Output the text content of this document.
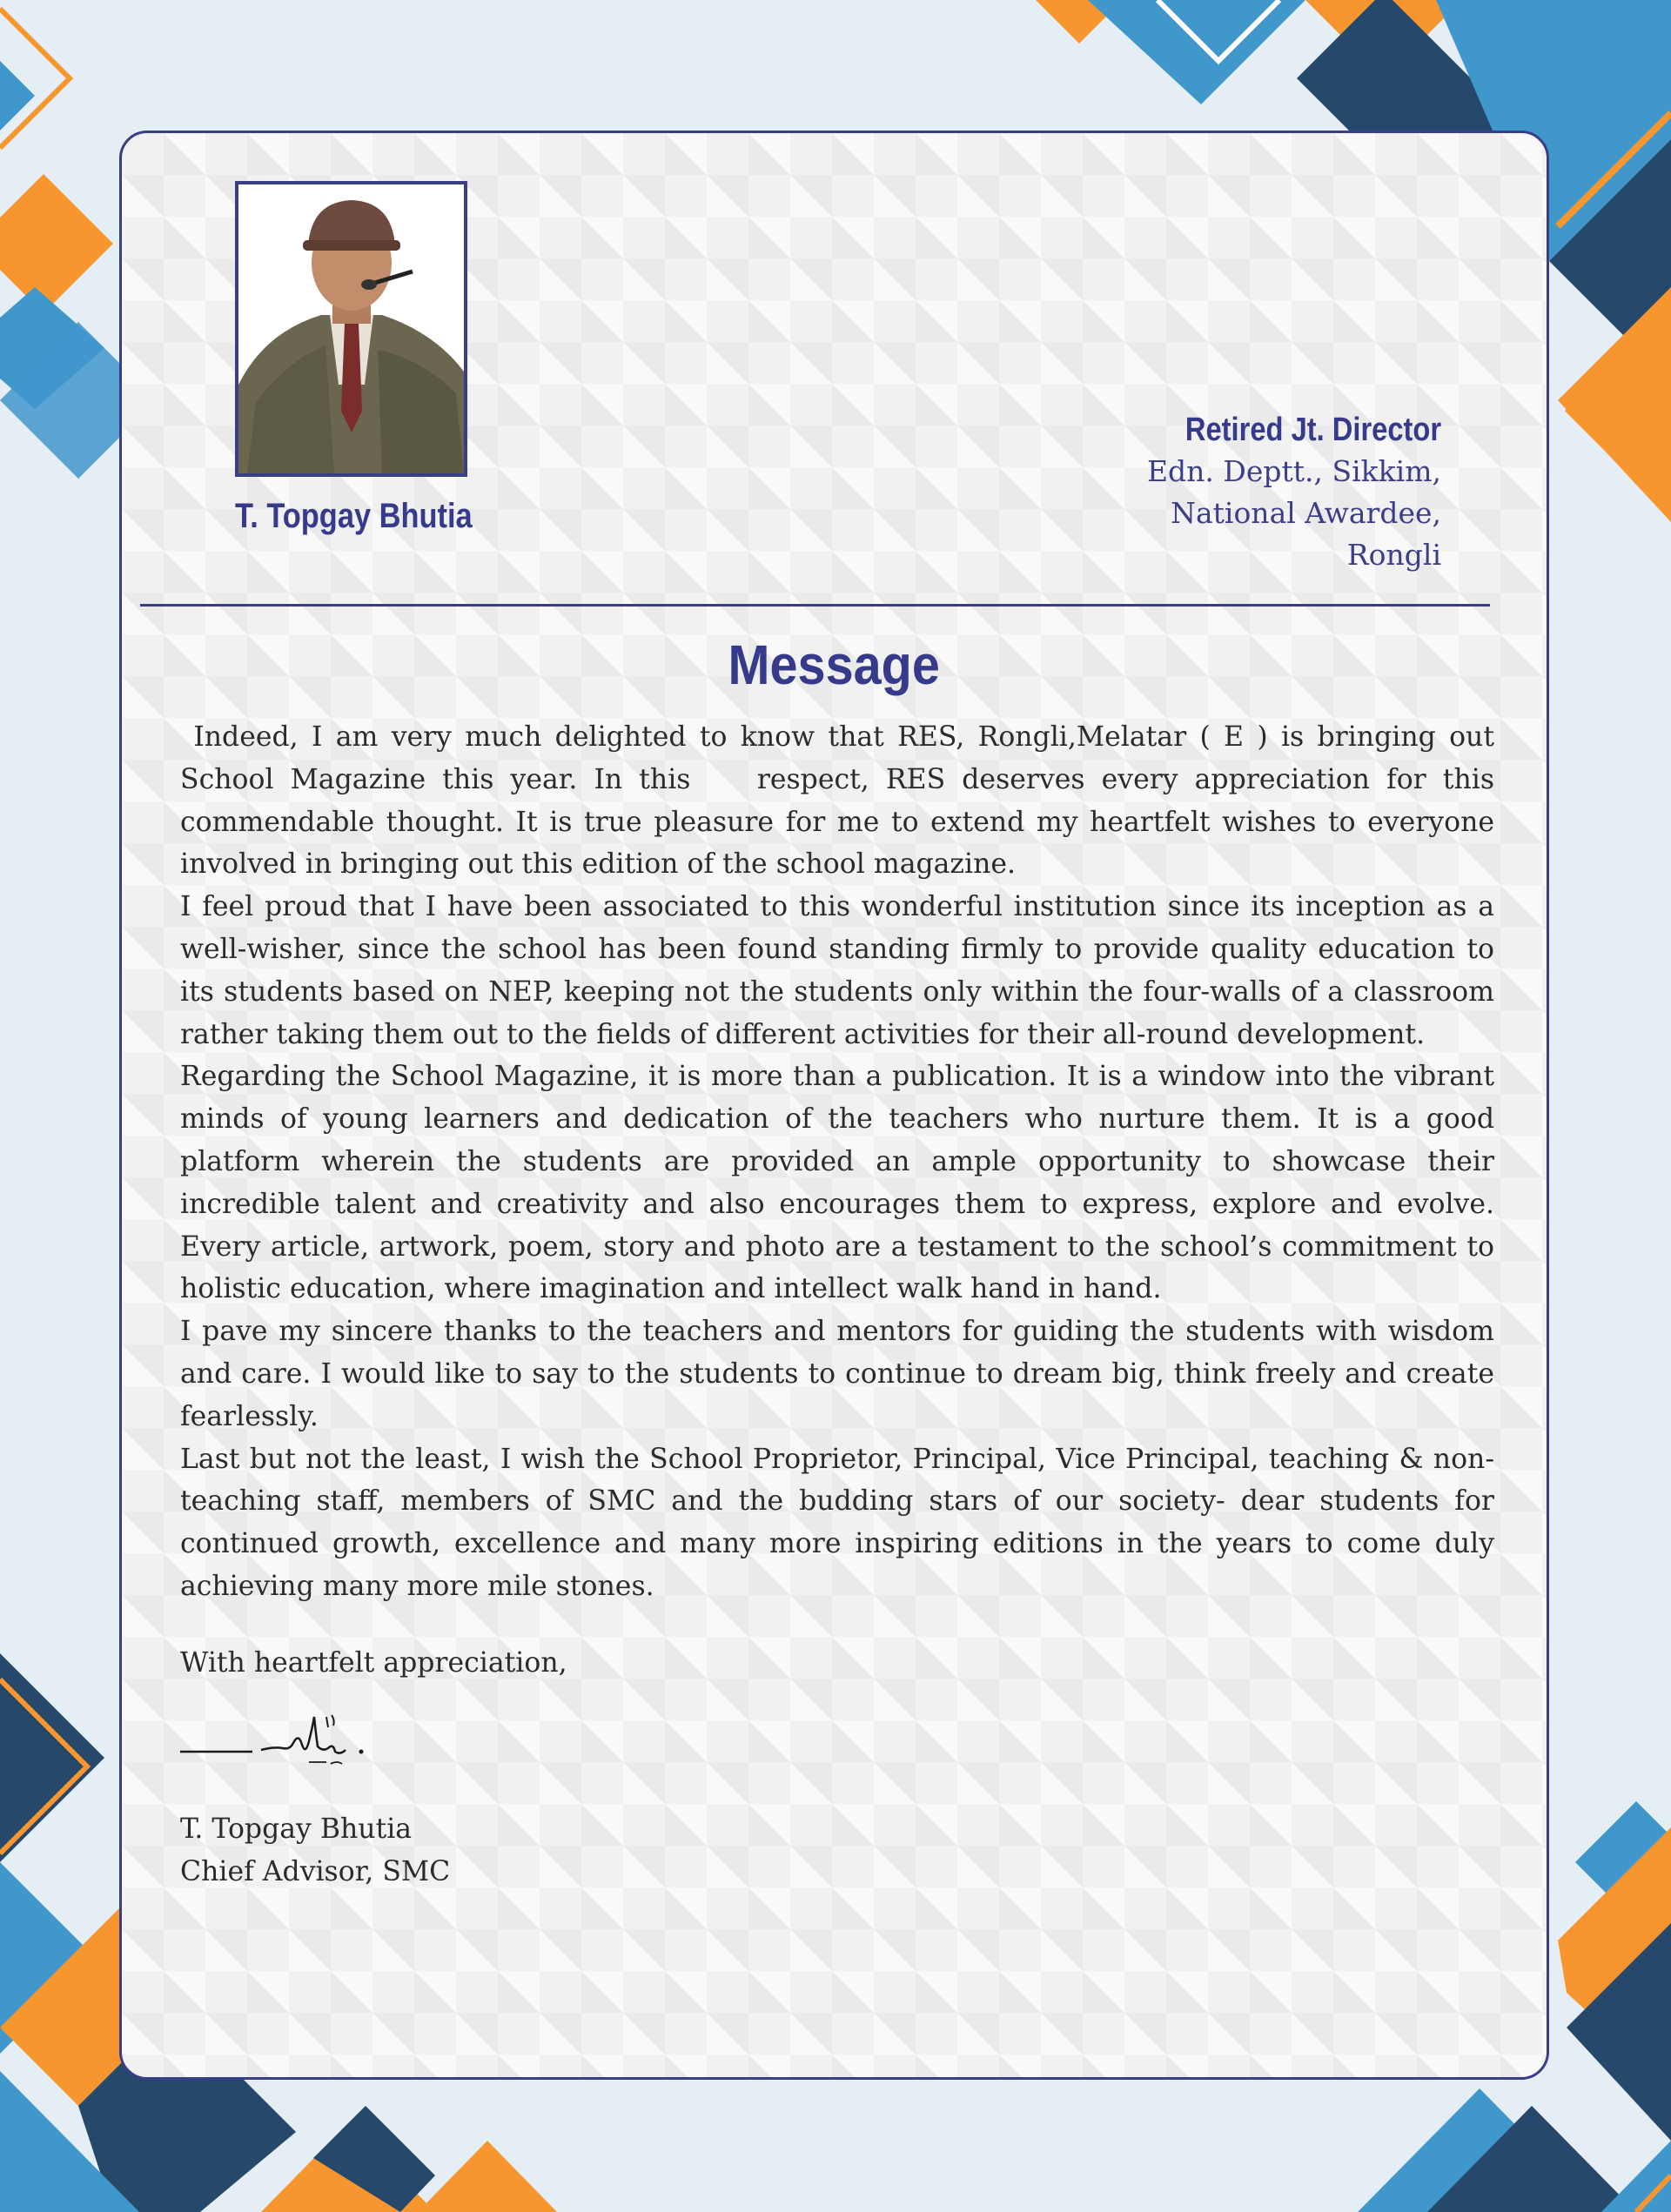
T. Topgay Bhutia
Retired Jt. Director
Edn. Deptt., Sikkim,
National Awardee,
Rongli
Message

Indeed, I am very much delighted to know that RES, Rongli,Melatar ( E ) is bringing out School Magazine this year. In this    respect, RES deserves every appreciation for this commendable thought. It is true pleasure for me to extend my heartfelt wishes to everyone involved in bringing out this edition of the school magazine.

I feel proud that I have been associated to this wonderful institution since its inception as a well-wisher, since the school has been found standing firmly to provide quality education to its students based on NEP, keeping not the students only within the four-walls of a classroom rather taking them out to the fields of different activities for their all-round development.

Regarding the School Magazine, it is more than a publication. It is a window into the vibrant minds of young learners and dedication of the teachers who nurture them. It is a good platform wherein the students are provided an ample opportunity to showcase their incredible talent and creativity and also encourages them to express, explore and evolve. Every article, artwork, poem, story and photo are a testament to the school’s commitment to holistic education, where imagination and intellect walk hand in hand.

I pave my sincere thanks to the teachers and mentors for guiding the students with wisdom and care. I would like to say to the students to continue to dream big, think freely and create fearlessly.

Last but not the least, I wish the School Proprietor, Principal, Vice Principal, teaching & non-teaching staff, members of SMC and the budding stars of our society- dear students for continued growth, excellence and many more inspiring editions in the years to come duly achieving many more mile stones.

With heartfelt appreciation,
T. Topgay Bhutia
Chief Advisor, SMC
